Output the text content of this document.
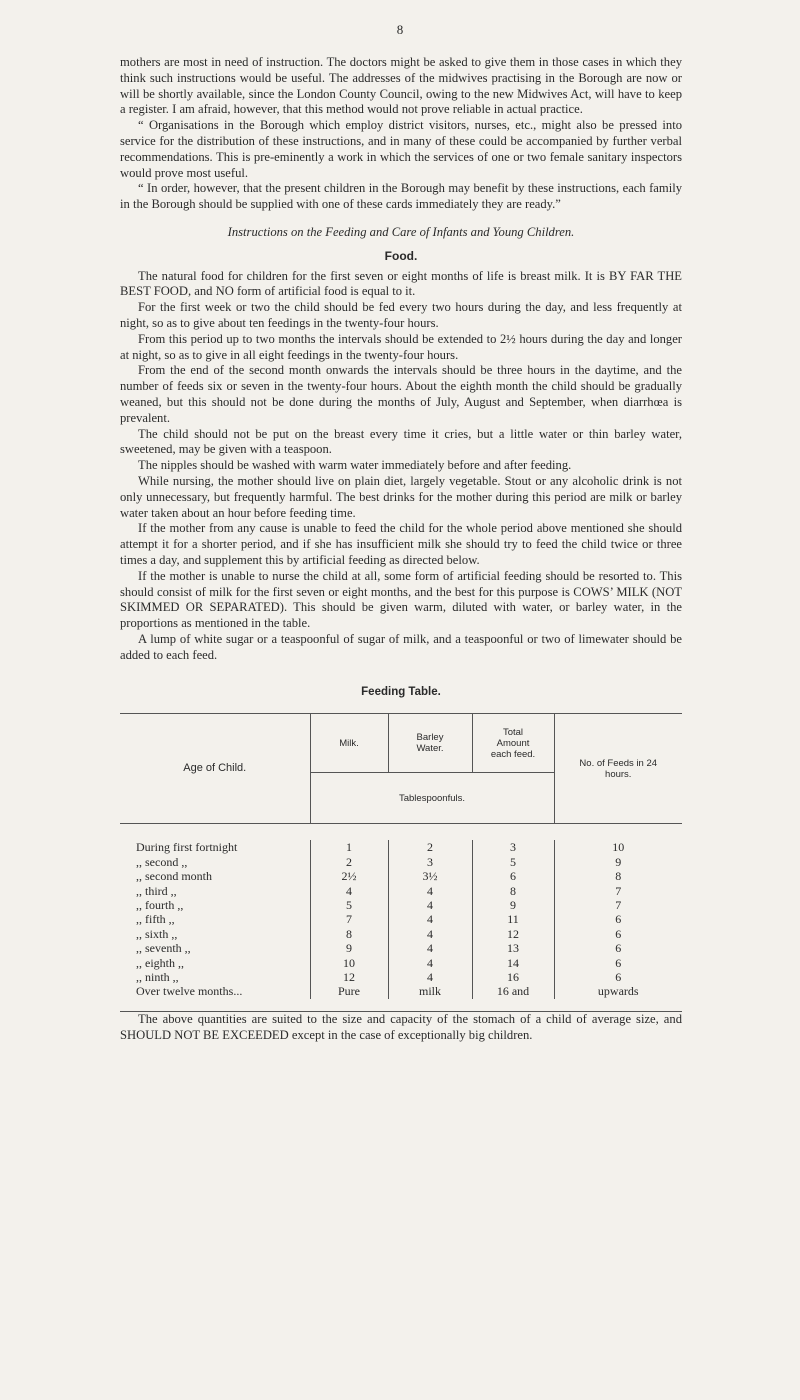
8

mothers are most in need of instruction. The doctors might be asked to give them in those cases in which they think such instructions would be useful. The addresses of the midwives practising in the Borough are now or will be shortly available, since the London County Council, owing to the new Midwives Act, will have to keep a register. I am afraid, however, that this method would not prove reliable in actual practice.

“ Organisations in the Borough which employ district visitors, nurses, etc., might also be pressed into service for the distribution of these instructions, and in many of these could be accompanied by further verbal recommendations. This is pre-eminently a work in which the services of one or two female sanitary inspectors would prove most useful.

“ In order, however, that the present children in the Borough may benefit by these instructions, each family in the Borough should be supplied with one of these cards immediately they are ready.”

Instructions on the Feeding and Care of Infants and Young Children.
Food.

The natural food for children for the first seven or eight months of life is breast milk. It is BY FAR THE BEST FOOD, and NO form of artificial food is equal to it.

For the first week or two the child should be fed every two hours during the day, and less frequently at night, so as to give about ten feedings in the twenty-four hours.

From this period up to two months the intervals should be extended to 2½ hours during the day and longer at night, so as to give in all eight feedings in the twenty-four hours.

From the end of the second month onwards the intervals should be three hours in the daytime, and the number of feeds six or seven in the twenty-four hours. About the eighth month the child should be gradually weaned, but this should not be done during the months of July, August and September, when diarrhœa is prevalent.

The child should not be put on the breast every time it cries, but a little water or thin barley water, sweetened, may be given with a teaspoon.

The nipples should be washed with warm water immediately before and after feeding.

While nursing, the mother should live on plain diet, largely vegetable. Stout or any alcoholic drink is not only unnecessary, but frequently harmful. The best drinks for the mother during this period are milk or barley water taken about an hour before feeding time.

If the mother from any cause is unable to feed the child for the whole period above mentioned she should attempt it for a shorter period, and if she has insufficient milk she should try to feed the child twice or three times a day, and supplement this by artificial feeding as directed below.

If the mother is unable to nurse the child at all, some form of artificial feeding should be resorted to. This should consist of milk for the first seven or eight months, and the best for this purpose is COWS’ MILK (NOT SKIMMED OR SEPARATED). This should be given warm, diluted with water, or barley water, in the proportions as mentioned in the table.

A lump of white sugar or a teaspoonful of sugar of milk, and a teaspoonful or two of limewater should be added to each feed.

Feeding Table.
Age of Child.	Milk.	Barley Water.	Total Amount each feed.	No. of Feeds in 24 hours.
	Tablespoonfuls.			

During first fortnight	1	2	3	10
,, second ,,	2	3	5	9
,, second month	2½	3½	6	8
,, third ,,	4	4	8	7
,, fourth ,,	5	4	9	7
,, fifth ,,	7	4	11	6
,, sixth ,,	8	4	12	6
,, seventh ,,	9	4	13	6
,, eighth ,,	10	4	14	6
,, ninth ,,	12	4	16	6
Over twelve months...	Pure	milk	16 and	upwards

The above quantities are suited to the size and capacity of the stomach of a child of average size, and SHOULD NOT BE EXCEEDED except in the case of exceptionally big children.
